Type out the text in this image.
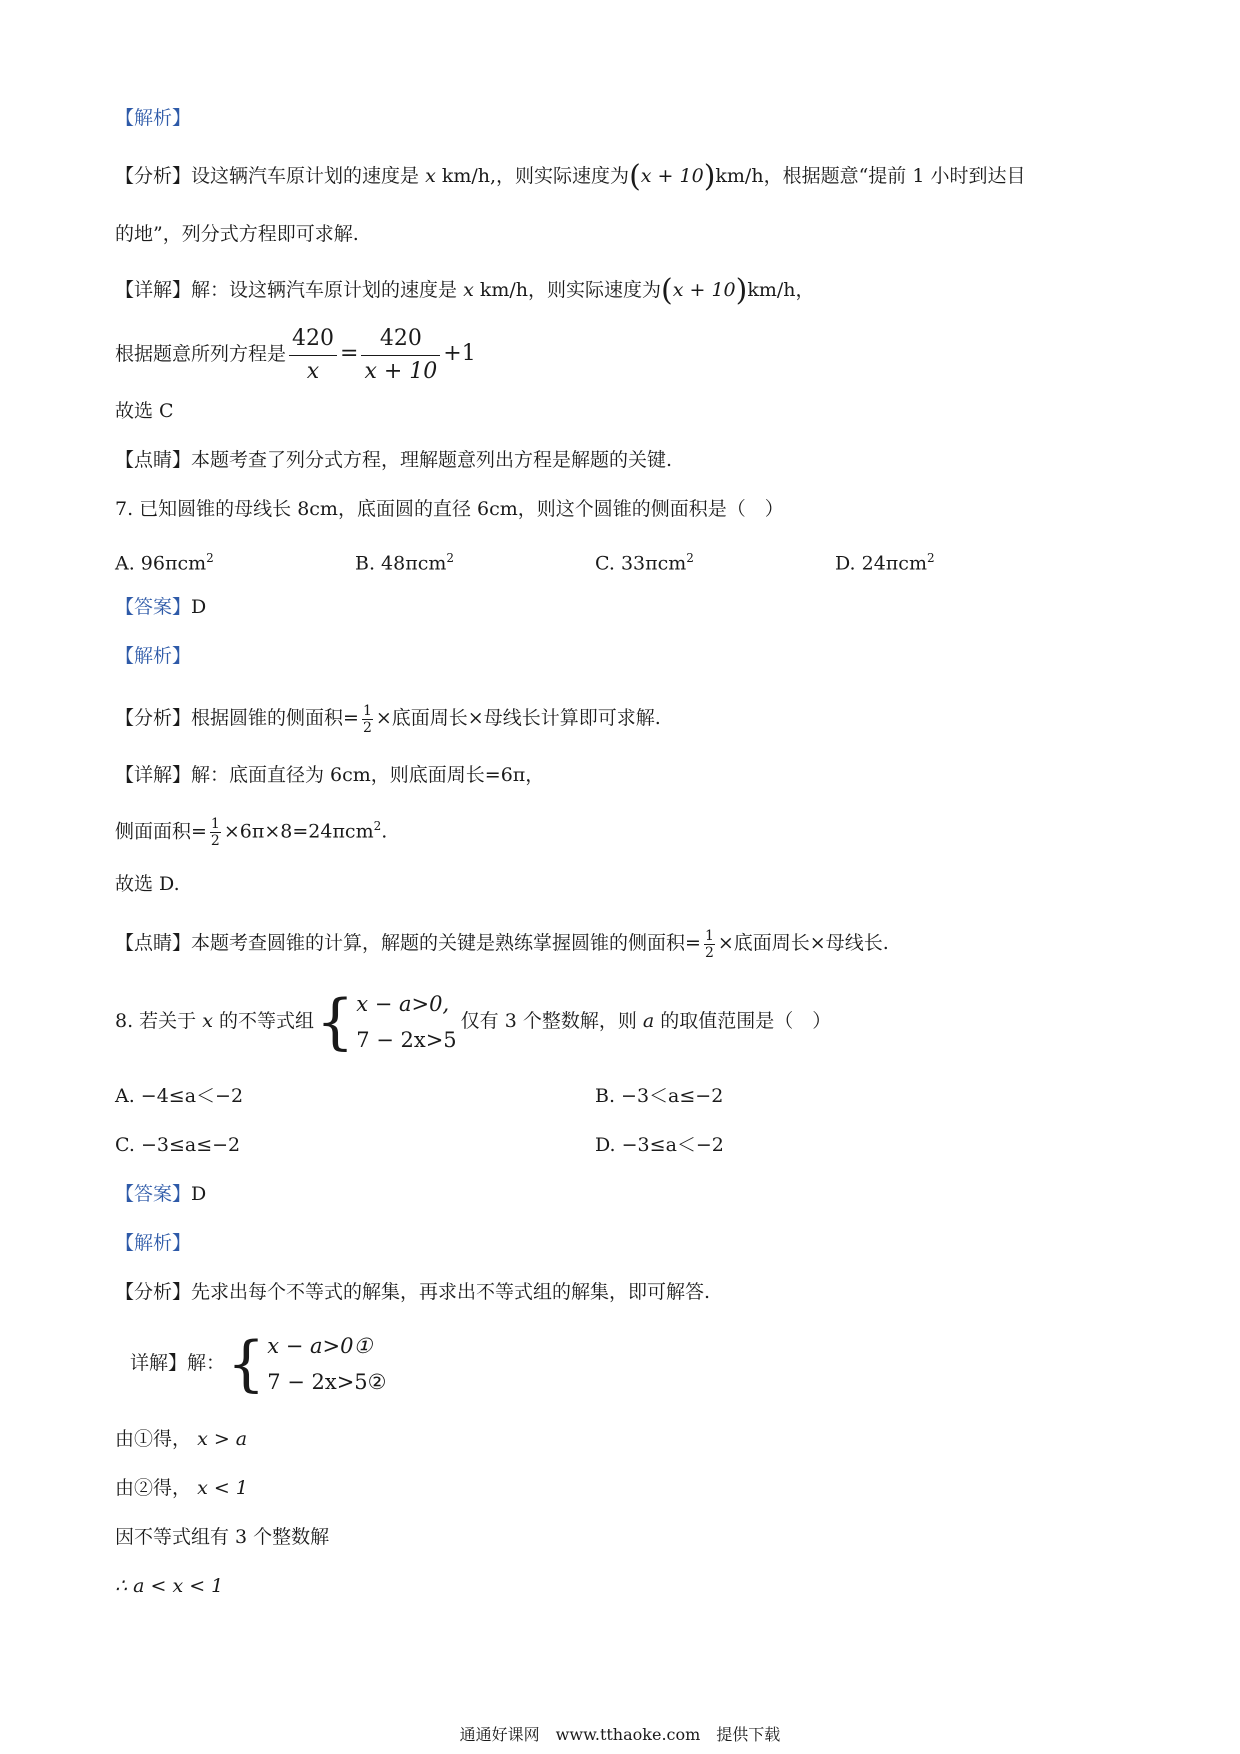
【解析】
【分析】设这辆汽车原计划的速度是 x km/h,，则实际速度为(x + 10)km/h，根据题意“提前 1 小时到达目
的地”，列分式方程即可求解.
【详解】解：设这辆汽车原计划的速度是 x km/h，则实际速度为(x + 10)km/h，
根据题意所列方程是 $\frac{420}{x} = \frac{420}{x + 10} +1$
故选 C
【点睛】本题考查了列分式方程，理解题意列出方程是解题的关键.
7. 已知圆锥的母线长 8cm，底面圆的直径 6cm，则这个圆锥的侧面积是（　）
A. 96πcm$^2$	B. 48πcm$^2$	C. 33πcm$^2$	D. 24πcm$^2$
【答案】D
【解析】
【分析】根据圆锥的侧面积= $\frac{1}{2}$ ×底面周长×母线长计算即可求解.
【详解】解：底面直径为 6cm，则底面周长=6π，
侧面面积= $\frac{1}{2} \times 6\pi\times 8=24\pi cm^2$.
故选 D.
【点睛】本题考查圆锥的计算，解题的关键是熟练掌握圆锥的侧面积= $\frac{1}{2}$ ×底面周长×母线长.
8. 若关于 x 的不等式组 { x − a>0,
7 − 2x>5
仅有 3 个整数解，则 a 的取值范围是（　）
A. −4≤a＜−2	B. −3＜a≤−2
C. −3≤a≤−2	D. −3≤a＜−2
【答案】D
【解析】
【分析】先求出每个不等式的解集，再求出不等式组的解集，即可解答.
详解】解： { x − a>0①
7 − 2x>5②
由①得， x > a
由②得， x < 1
因不等式组有 3 个整数解
∴ a < x < 1
通通好课网　www.tthaoke.com　提供下载
